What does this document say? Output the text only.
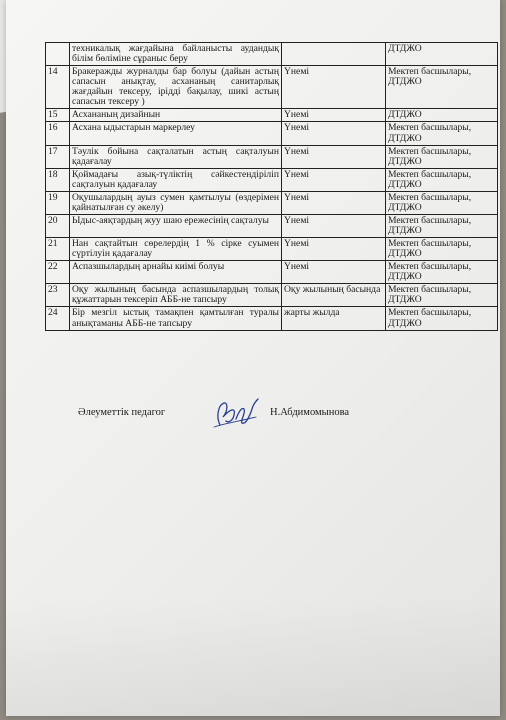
	техникалық жағдайына байланысты аудандық білім бөліміне сұраныс беру		ДТДЖО
14	Бракеражды журналды бар болуы (дайын астың сапасын анықтау, асхананың санитарлық жағдайын тексеру, ірідді бақылау, шикі астың сапасын тексеру )	Үнемі	Мектеп басшылары, ДТДЖО
15	Асхананың дизайнын	Үнемі	ДТДЖО
16	Асхана ыдыстарын маркерлеу	Үнемі	Мектеп басшылары, ДТДЖО
17	Тәулік бойына сақталатын астың сақталуын қадағалау	Үнемі	Мектеп басшылары, ДТДЖО
18	Қоймадағы азық-түліктің сәйкестендіріліп сақталуын қадағалау	Үнемі	Мектеп басшылары, ДТДЖО
19	Оқушылардың ауыз сумен қамтылуы (өздерімен қайнатылған су әкелу)	Үнемі	Мектеп басшылары, ДТДЖО
20	Ыдыс-аяқтардың жуу шаю ережесінің сақталуы	Үнемі	Мектеп басшылары, ДТДЖО
21	Нан сақтайтын сөрелердің 1 % сірке суымен сүртілуін қадағалау	Үнемі	Мектеп басшылары, ДТДЖО
22	Аспазшылардың арнайы киімі болуы	Үнемі	Мектеп басшылары, ДТДЖО
23	Оқу жылының басында аспазшылардың толық құжаттарын тексерiп АББ-не тапсыру	Оқу жылының басында	Мектеп басшылары, ДТДЖО
24	Бір мезгіл ыстық тамақпен қамтылған туралы анықтаманы АББ-не тапсыру	жарты жылда	Мектеп басшылары, ДТДЖО
Әлеуметтік педагог	Н.Абдимомынова
